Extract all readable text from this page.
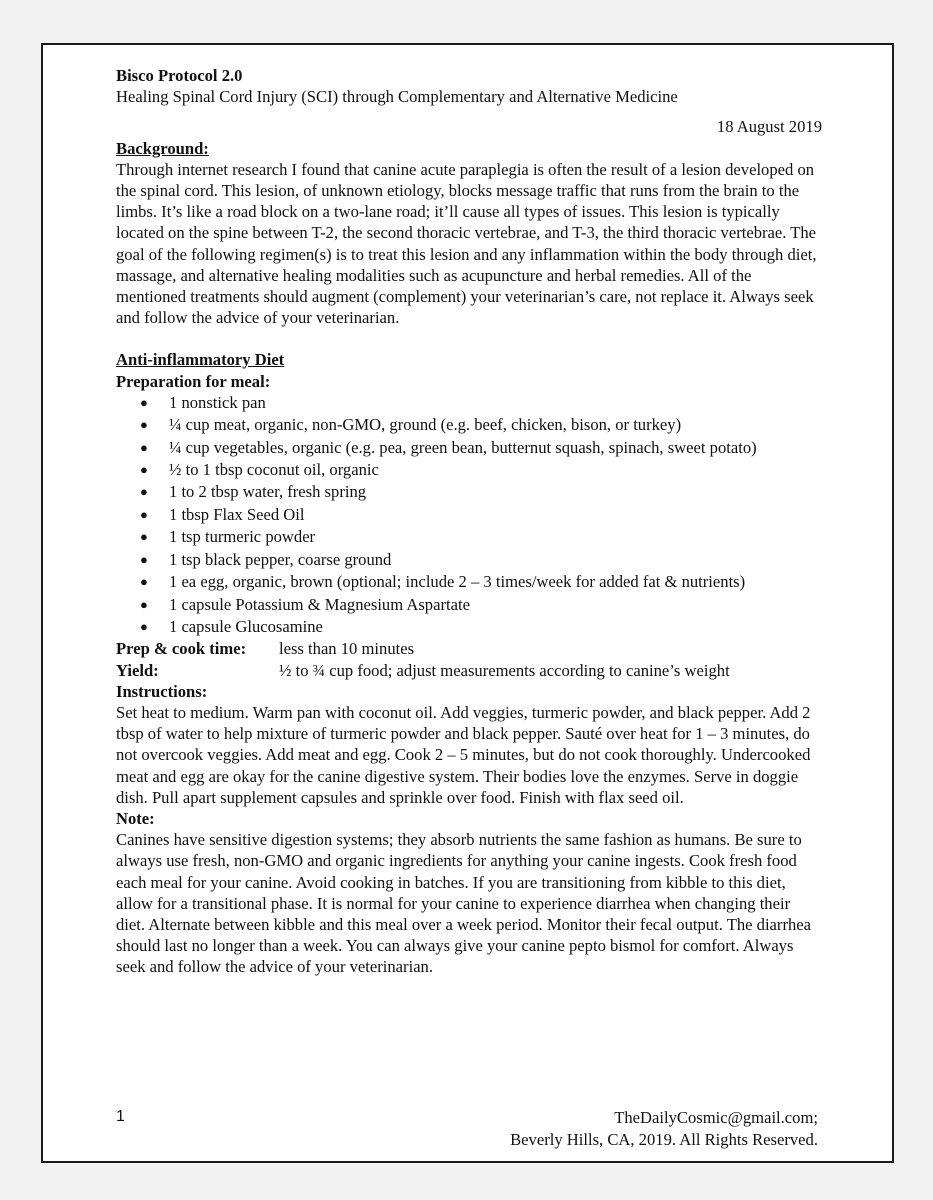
Bisco Protocol 2.0

Healing Spinal Cord Injury (SCI) through Complementary and Alternative Medicine

18 August 2019

Background:

Through internet research I found that canine acute paraplegia is often the result of a lesion developed on the spinal cord. This lesion, of unknown etiology, blocks message traffic that runs from the brain to the limbs. It’s like a road block on a two-lane road; it’ll cause all types of issues. This lesion is typically located on the spine between T-2, the second thoracic vertebrae, and T-3, the third thoracic vertebrae. The goal of the following regimen(s) is to treat this lesion and any inflammation within the body through diet, massage, and alternative healing modalities such as acupuncture and herbal remedies. All of the mentioned treatments should augment (complement) your veterinarian’s care, not replace it. Always seek and follow the advice of your veterinarian.

Anti-inflammatory Diet

Preparation for meal:

● 1 nonstick pan
● ¼ cup meat, organic, non-GMO, ground (e.g. beef, chicken, bison, or turkey)
● ¼ cup vegetables, organic (e.g. pea, green bean, butternut squash, spinach, sweet potato)
● ½ to 1 tbsp coconut oil, organic
● 1 to 2 tbsp water, fresh spring
● 1 tbsp Flax Seed Oil
● 1 tsp turmeric powder
● 1 tsp black pepper, coarse ground
● 1 ea egg, organic, brown (optional; include 2 – 3 times/week for added fat & nutrients)
● 1 capsule Potassium & Magnesium Aspartate
● 1 capsule Glucosamine
Prep & cook time:	less than 10 minutes
Yield:	½ to ¾ cup food; adjust measurements according to canine’s weight

Instructions:

Set heat to medium. Warm pan with coconut oil. Add veggies, turmeric powder, and black pepper. Add 2 tbsp of water to help mixture of turmeric powder and black pepper. Sauté over heat for 1 – 3 minutes, do not overcook veggies. Add meat and egg. Cook 2 – 5 minutes, but do not cook thoroughly. Undercooked meat and egg are okay for the canine digestive system. Their bodies love the enzymes. Serve in doggie dish. Pull apart supplement capsules and sprinkle over food. Finish with flax seed oil.

Note:

Canines have sensitive digestion systems; they absorb nutrients the same fashion as humans. Be sure to always use fresh, non-GMO and organic ingredients for anything your canine ingests. Cook fresh food each meal for your canine. Avoid cooking in batches. If you are transitioning from kibble to this diet, allow for a transitional phase. It is normal for your canine to experience diarrhea when changing their diet. Alternate between kibble and this meal over a week period. Monitor their fecal output. The diarrhea should last no longer than a week. You can always give your canine pepto bismol for comfort. Always seek and follow the advice of your veterinarian.

1	TheDailyCosmic@gmail.com;
Beverly Hills, CA, 2019. All Rights Reserved.
